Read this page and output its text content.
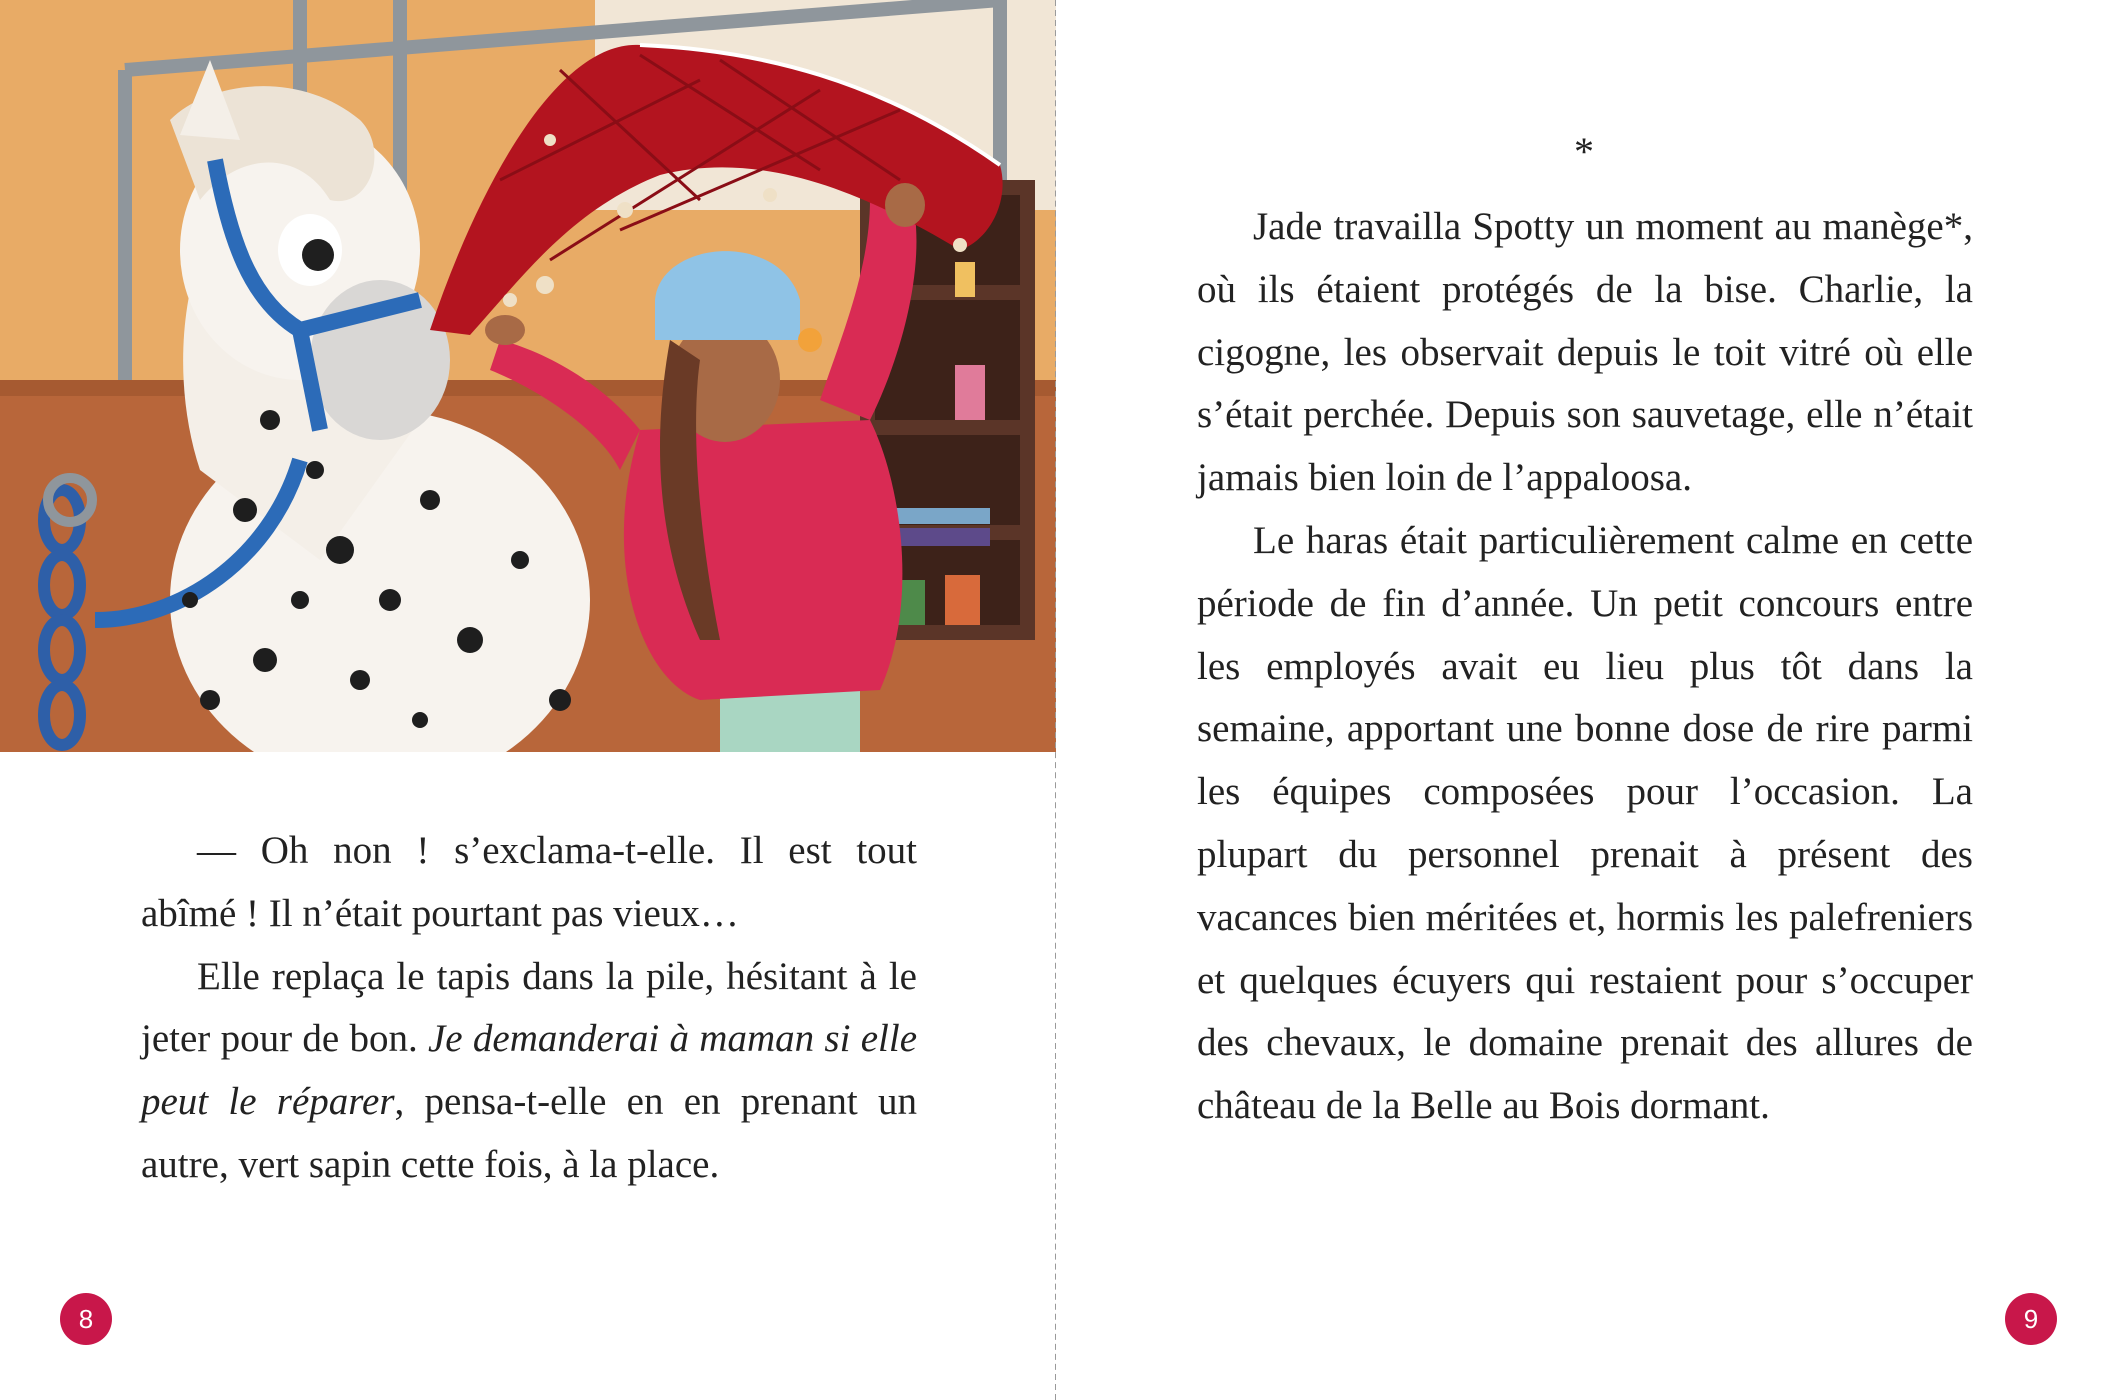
— Oh non ! s’exclama-t-elle. Il est tout abîmé ! Il n’était pourtant pas vieux…

Elle replaça le tapis dans la pile, hésitant à le jeter pour de bon. Je demanderai à maman si elle peut le réparer, pensa-t-elle en en prenant un autre, vert sapin cette fois, à la place.

8
*

Jade travailla Spotty un moment au manège*, où ils étaient protégés de la bise. Charlie, la cigogne, les observait depuis le toit vitré où elle s’était perchée. Depuis son sauvetage, elle n’était jamais bien loin de l’appaloosa.

Le haras était particulièrement calme en cette période de fin d’année. Un petit concours entre les employés avait eu lieu plus tôt dans la semaine, apportant une bonne dose de rire parmi les équipes composées pour l’occasion. La plupart du personnel prenait à présent des vacances bien méritées et, hormis les palefreniers et quelques écuyers qui restaient pour s’occuper des chevaux, le domaine prenait des allures de château de la Belle au Bois dormant.

9
